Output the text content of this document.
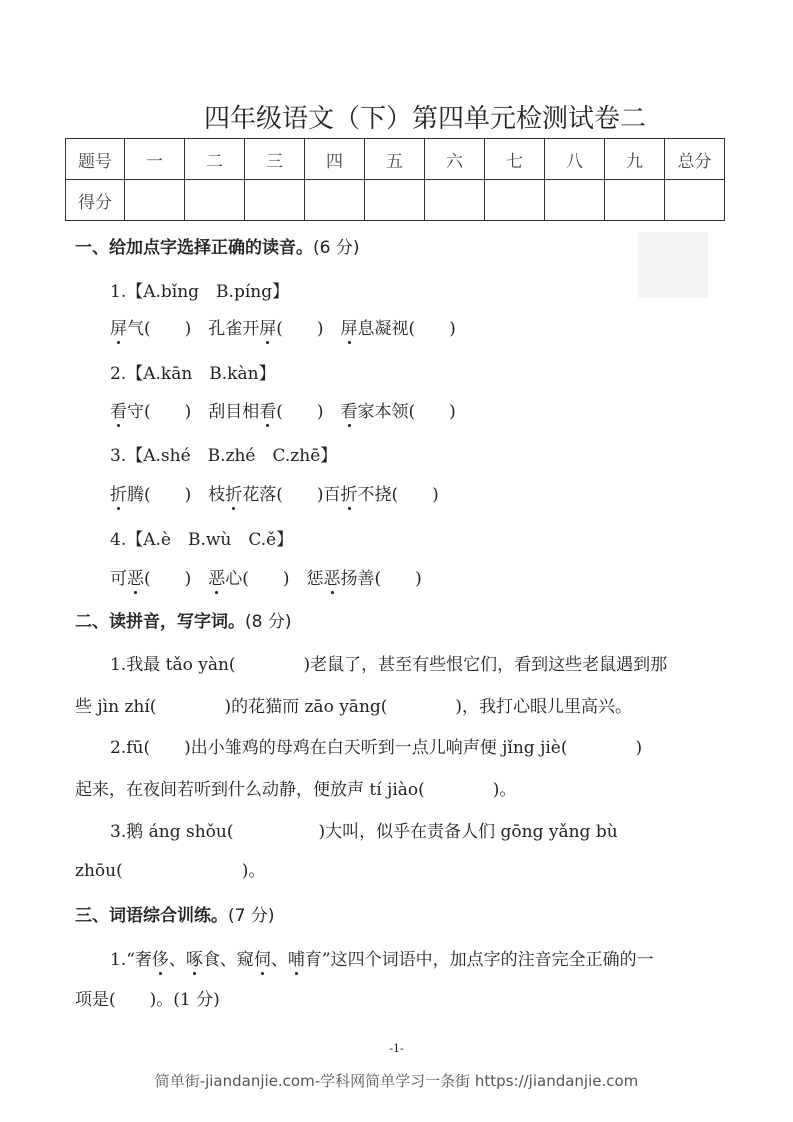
四年级语文（下）第四单元检测试卷二
题号	一	二	三	四	五	六	七	八	九	总分
得分										
一、给加点字选择正确的读音。(6 分)
1.【A.bǐng　B.píng】
屏气(　　)　孔雀开屏(　　)　屏息凝视(　　)
2.【A.kān　B.kàn】
看守(　　)　刮目相看(　　)　看家本领(　　)
3.【A.shé　B.zhé　C.zhē】
折腾(　　)　枝折花落(　　)百折不挠(　　)
4.【A.è　B.wù　C.ě】
可恶(　　)　恶心(　　)　惩恶扬善(　　)
二、读拼音，写字词。(8 分)
1.我最 tǎo yàn(　　　　)老鼠了，甚至有些恨它们，看到这些老鼠遇到那
些 jìn zhí(　　　　)的花猫而 zāo yāng(　　　　)，我打心眼儿里高兴。
2.fū(　　)出小雏鸡的母鸡在白天听到一点儿响声便 jǐng jiè(　　　　)
起来，在夜间若听到什么动静，便放声 tí jiào(　　　　)。
3.鹅 áng shǒu(　　　　　)大叫，似乎在责备人们 gōng yǎng bù
zhōu(　　　　　　　)。
三、词语综合训练。(7 分)
1.“奢侈、啄食、窥伺、哺育”这四个词语中，加点字的注音完全正确的一
项是(　　)。(1 分)
-1-
简单街-jiandanjie.com-学科网简单学习一条街 https://jiandanjie.com
